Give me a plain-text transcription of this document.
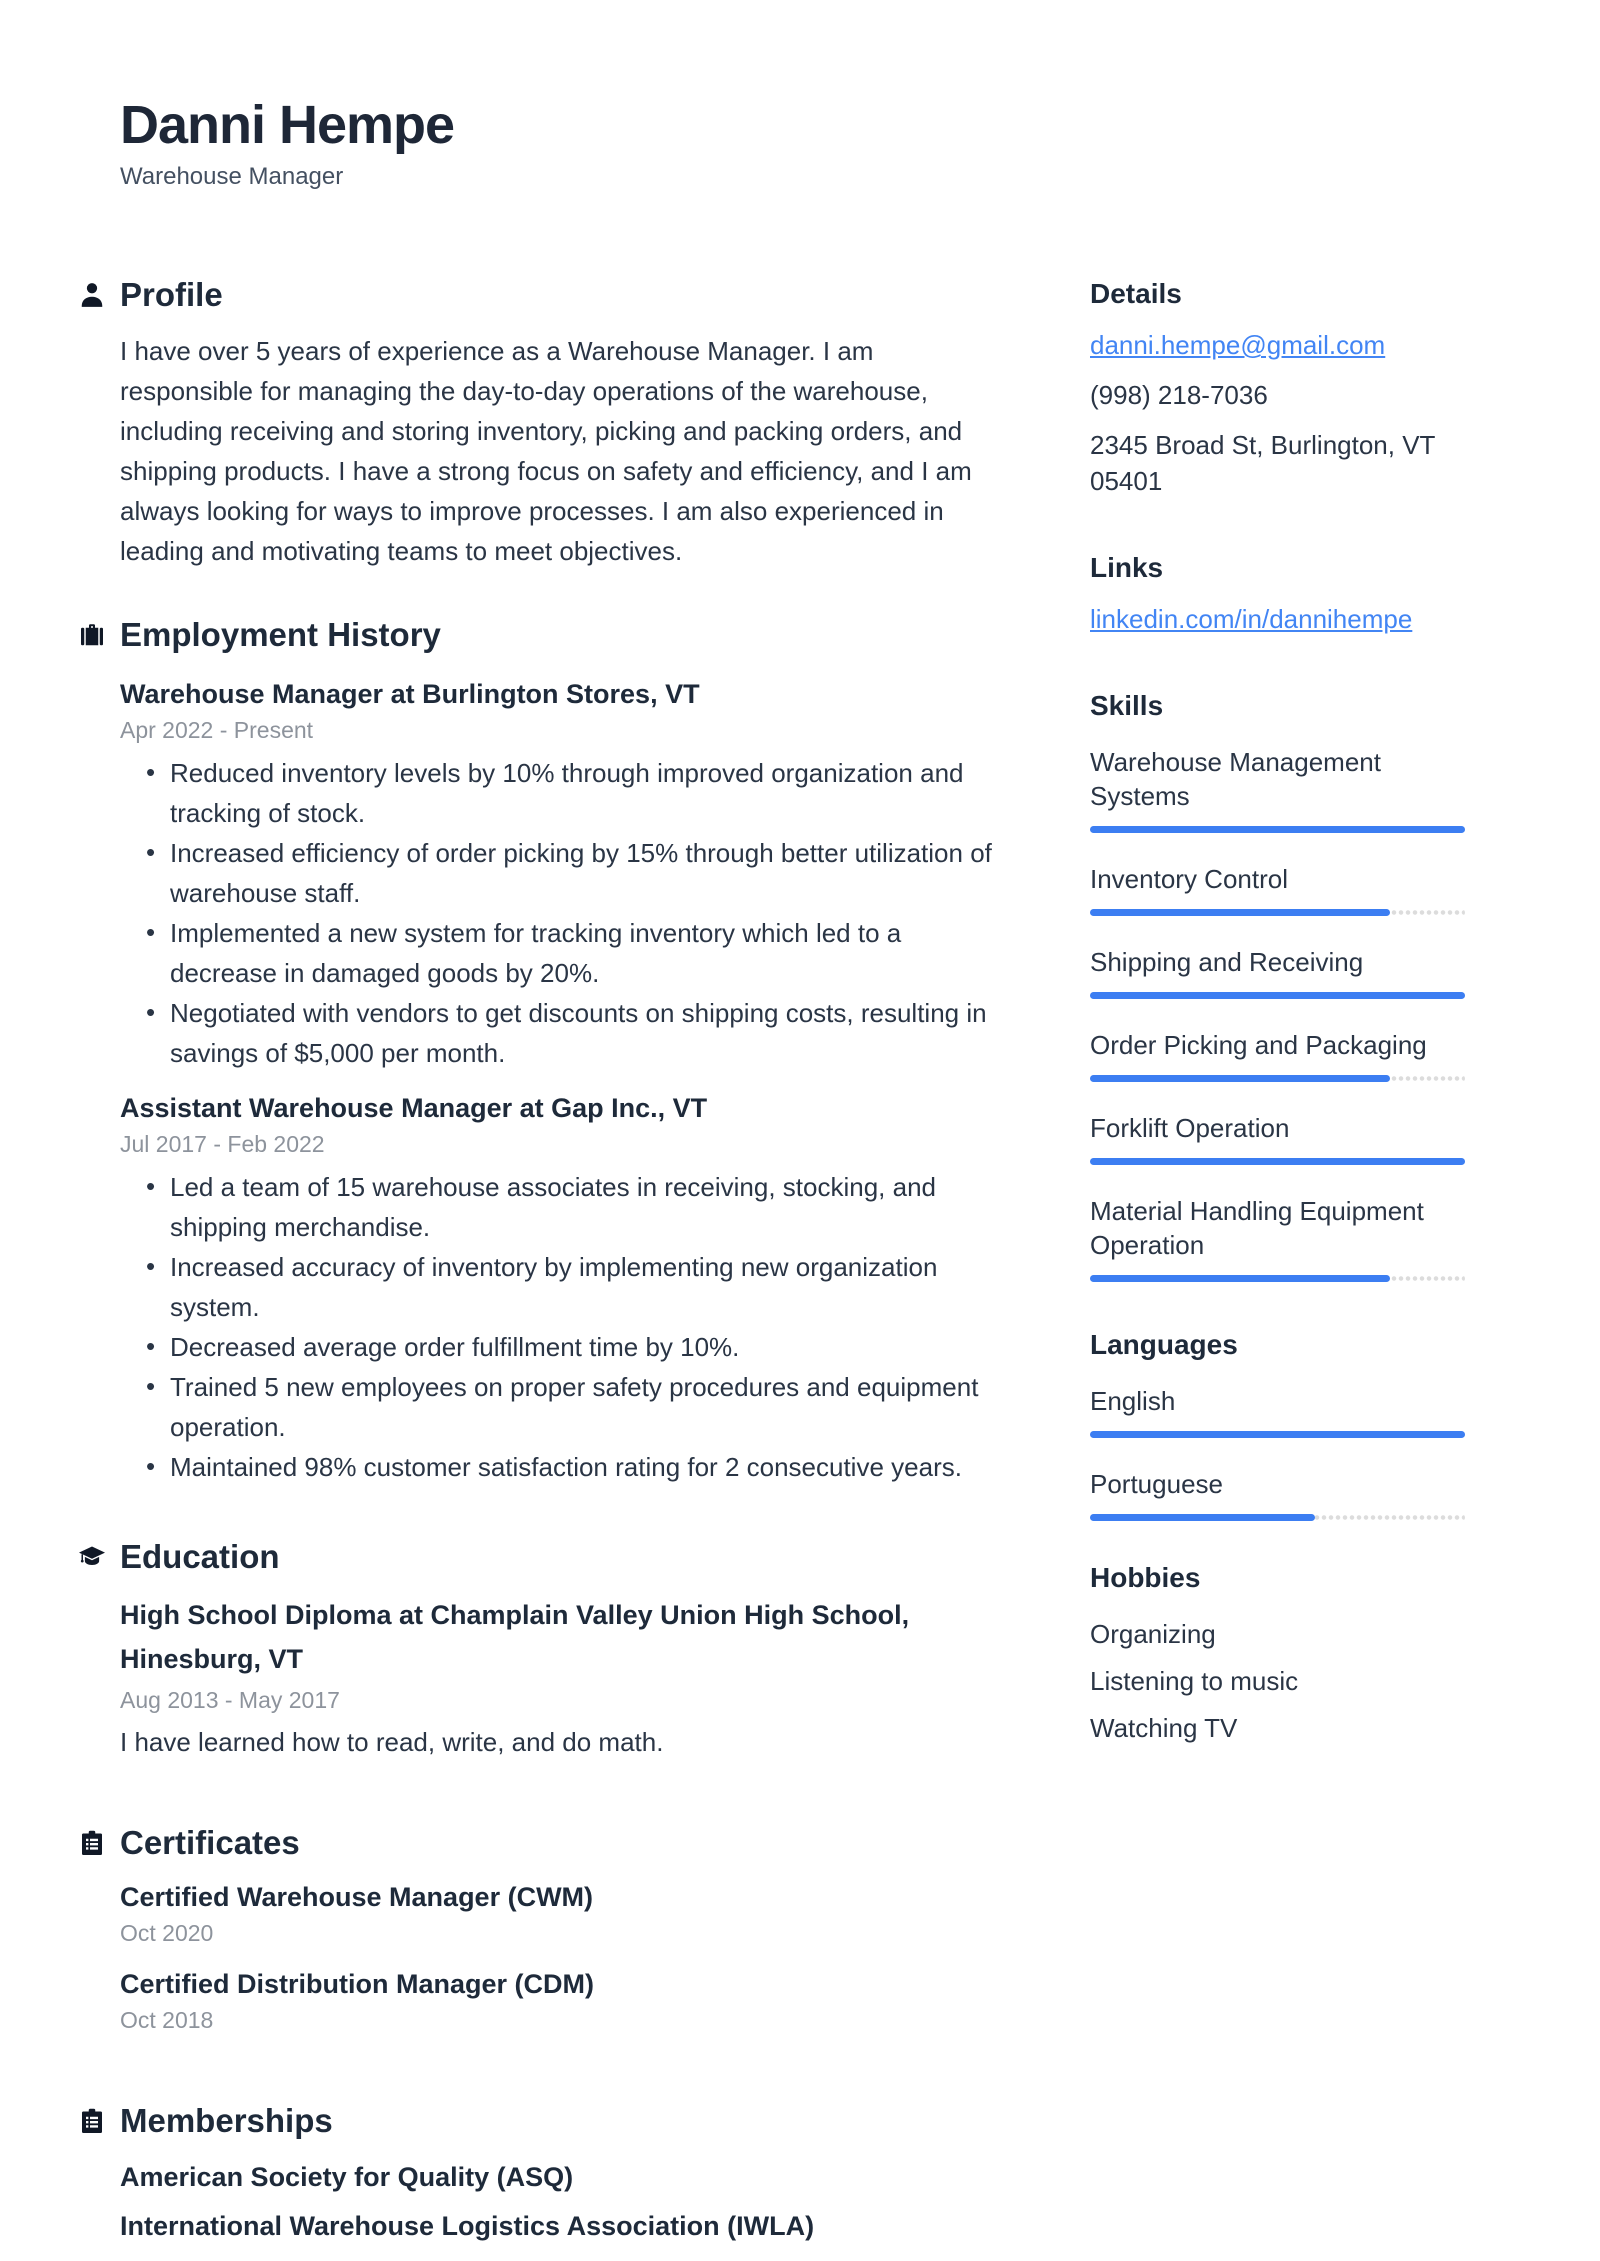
Danni Hempe
Warehouse Manager
Profile

I have over 5 years of experience as a Warehouse Manager. I am responsible for managing the day-to-day operations of the warehouse, including receiving and storing inventory, picking and packing orders, and shipping products. I have a strong focus on safety and efficiency, and I am always looking for ways to improve processes. I am also experienced in leading and motivating teams to meet objectives.

Employment History
Warehouse Manager at Burlington Stores, VT
Apr 2022 - Present
• Reduced inventory levels by 10% through improved organization and tracking of stock.
• Increased efficiency of order picking by 15% through better utilization of warehouse staff.
• Implemented a new system for tracking inventory which led to a decrease in damaged goods by 20%.
• Negotiated with vendors to get discounts on shipping costs, resulting in savings of $5,000 per month.
Assistant Warehouse Manager at Gap Inc., VT
Jul 2017 - Feb 2022
• Led a team of 15 warehouse associates in receiving, stocking, and shipping merchandise.
• Increased accuracy of inventory by implementing new organization system.
• Decreased average order fulfillment time by 10%.
• Trained 5 new employees on proper safety procedures and equipment operation.
• Maintained 98% customer satisfaction rating for 2 consecutive years.
Education
High School Diploma at Champlain Valley Union High School, Hinesburg, VT
Aug 2013 - May 2017
I have learned how to read, write, and do math.
Certificates
Certified Warehouse Manager (CWM)
Oct 2020
Certified Distribution Manager (CDM)
Oct 2018
Memberships
American Society for Quality (ASQ)
International Warehouse Logistics Association (IWLA)
Details

danni.hempe@gmail.com

(998) 218-7036

2345 Broad St, Burlington, VT 05401

Links

linkedin.com/in/dannihempe

Skills
Warehouse Management Systems
Inventory Control
Shipping and Receiving
Order Picking and Packaging
Forklift Operation
Material Handling Equipment Operation
Languages
English
Portuguese
Hobbies
Organizing
Listening to music
Watching TV
